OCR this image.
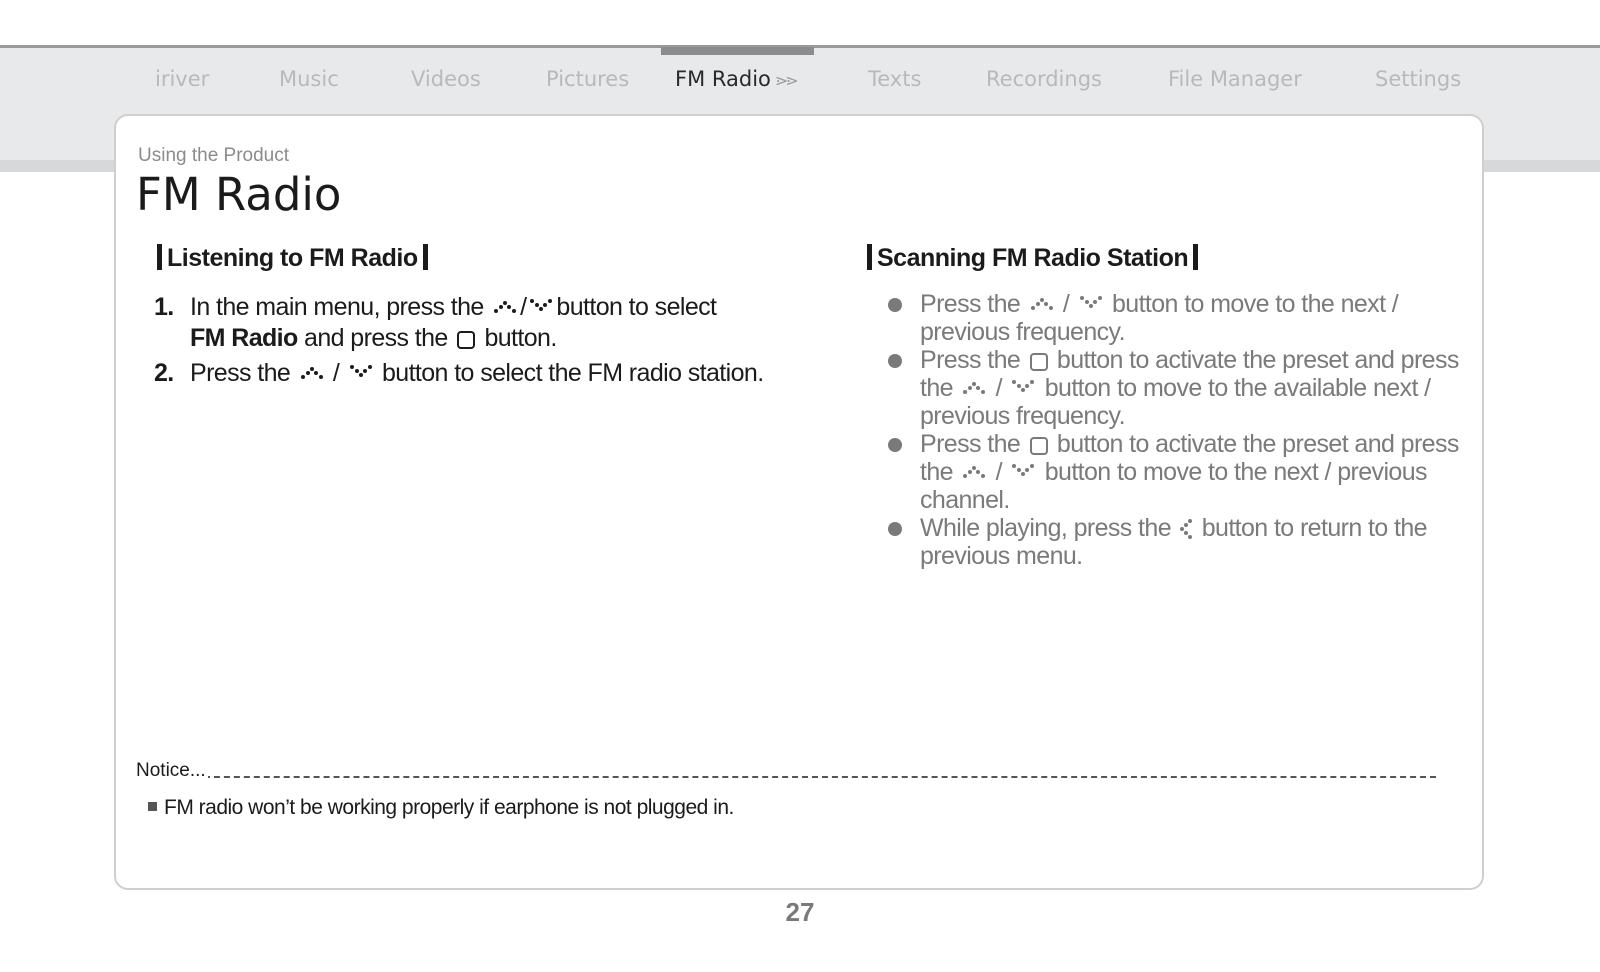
iriver	Music	Videos	Pictures FM Radio ⋗⋗	Texts	Recordings	File Manager	Settings
Using the Product
FM Radio
Listening to FM Radio
1. In the main menu, press the / button to select
FM Radio and press the  button.
2. Press the  /  button to select the FM radio station.
Scanning FM Radio Station
Press the  /  button to move to the next / previous frequency.
Press the  button to activate the preset and press the  /  button to move to the available next / previous frequency.
Press the  button to activate the preset and press the  /  button to move to the next / previous channel.
While playing, press the  button to return to the previous menu.
Notice...
FM radio won’t be working properly if earphone is not plugged in.
27
